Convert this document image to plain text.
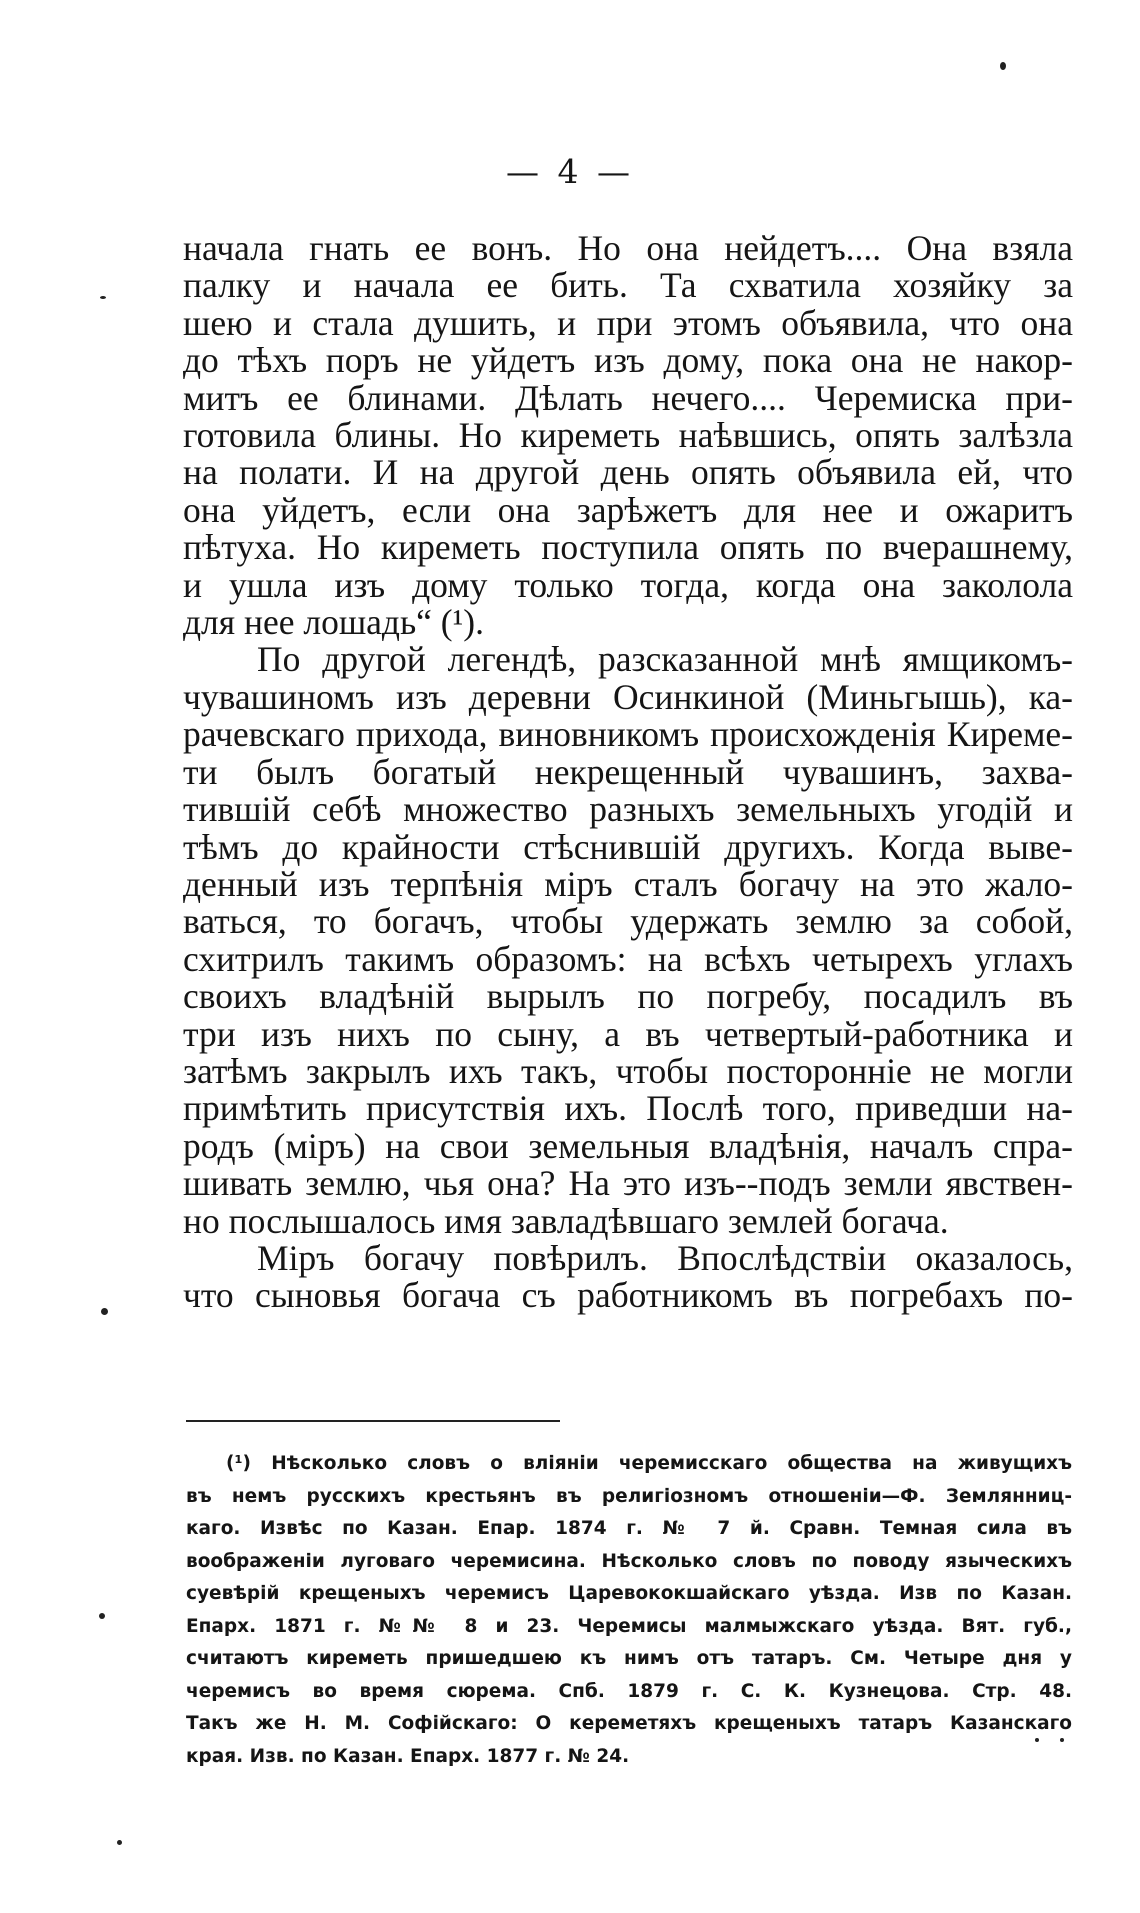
— 4 —
начала гнать ее вонъ. Но она нейдетъ.... Она взяла
палку и начала ее бить. Та схватила хозяйку за
шею и стала душить, и при этомъ объявила, что она
до тѣхъ поръ не уйдетъ изъ дому, пока она не накор-
митъ ее блинами. Дѣлать нечего.... Черемиска при-
готовила блины. Но киреметь наѣвшись, опять залѣзла
на полати. И на другой день опять объявила ей, что
она уйдетъ, если она зарѣжетъ для нее и ожаритъ
пѣтуха. Но киреметь поступила опять по вчерашнему,
и ушла изъ дому только тогда, когда она заколола
для нее лошадь“ (¹).
По другой легендѣ, разсказанной мнѣ ямщикомъ-
чувашиномъ изъ деревни Осинкиной (Миньгышь), ка-
рачевскаго прихода, виновникомъ происхожденія Киреме-
ти былъ богатый некрещенный чувашинъ, захва-
тившій себѣ множество разныхъ земельныхъ угодій и
тѣмъ до крайности стѣснившій другихъ. Когда выве-
денный изъ терпѣнія міръ сталъ богачу на это жало-
ваться, то богачъ, чтобы удержать землю за собой,
схитрилъ такимъ образомъ: на всѣхъ четырехъ углахъ
своихъ владѣній вырылъ по погребу, посадилъ въ
три изъ нихъ по сыну, а въ четвертый-работника и
затѣмъ закрылъ ихъ такъ, чтобы посторонніе не могли
примѣтить присутствія ихъ. Послѣ того, приведши на-
родъ (міръ) на свои земельныя владѣнія, началъ спра-
шивать землю, чья она? На это изъ--подъ земли явствен-
но послышалось имя завладѣвшаго землей богача.
Міръ богачу повѣрилъ. Впослѣдствіи оказалось,
что сыновья богача съ работникомъ въ погребахъ по-
(¹) Нѣсколько словъ о вліяніи черемисскаго общества на живущихъ
въ немъ русскихъ крестьянъ въ религіозномъ отношеніи—Ф. Землянниц-
каго. Извѣс по Казан. Епар. 1874 г. № 7 й. Сравн. Темная сила въ
воображеніи луговаго черемисина. Нѣсколько словъ по поводу языческихъ
суевѣрій крещеныхъ черемисъ Царевококшайскаго уѣзда. Изв по Казан.
Епарх. 1871 г. №№ 8 и 23. Черемисы малмыжскаго уѣзда. Вят. губ.,
считаютъ киреметь пришедшею къ нимъ отъ татаръ. См. Четыре дня у
черемисъ во время сюрема. Спб. 1879 г. С. К. Кузнецова. Стр. 48.
Такъ же Н. М. Софійскаго: О кереметяхъ крещеныхъ татаръ Казанскаго
края. Изв. по Казан. Епарх. 1877 г. № 24.
